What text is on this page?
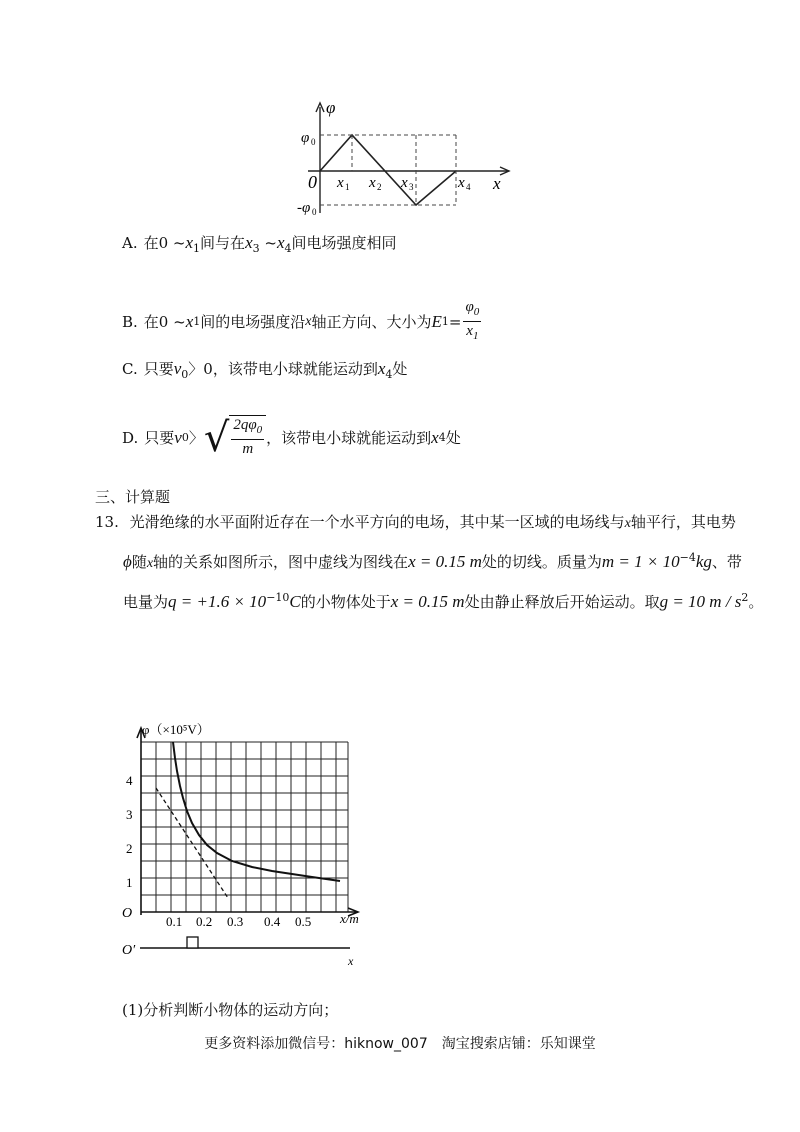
φ
φ 0
-φ 0
0 x 1 x 2 x 3	x 4 x
A. 在0 $\sim x_1$间与在$x_3$ $\sim x_4$间电场强度相同
B. 在0 ~ x 1 间的电场强度沿 x 轴正方向、大小为 E $1 = \frac{\varphi_0}{x_1}$
C. 只要$v_0$〉0，该带电小球就能运动到$x_4$处
D. 只要 v 0 〉 √ $\frac{2q\varphi_0}{m}$ ，该带电小球就能运动到 x 4 处
三、计算题
13. 光滑绝缘的水平面附近存在一个水平方向的电场，其中某一区域的电场线与x轴平行，其电势
ϕ随x轴的关系如图所示，图中虚线为图线在x = 0.15 m处的切线。质量为$m = 1 \times 10^{-4}kg$、带
电量为$q = +1.6 \times 10^{-10}C$的小物体处于x = 0.15 m处由静止释放后开始运动。取g = 10 m / $s^2$。
φ（×10⁵V）
4
3
2
1
O
0.1 0.2 0.3 0.4 0.5 x/m
O′
x
(1)分析判断小物体的运动方向；
更多资料添加微信号：hiknow_007　淘宝搜索店铺：乐知课堂
